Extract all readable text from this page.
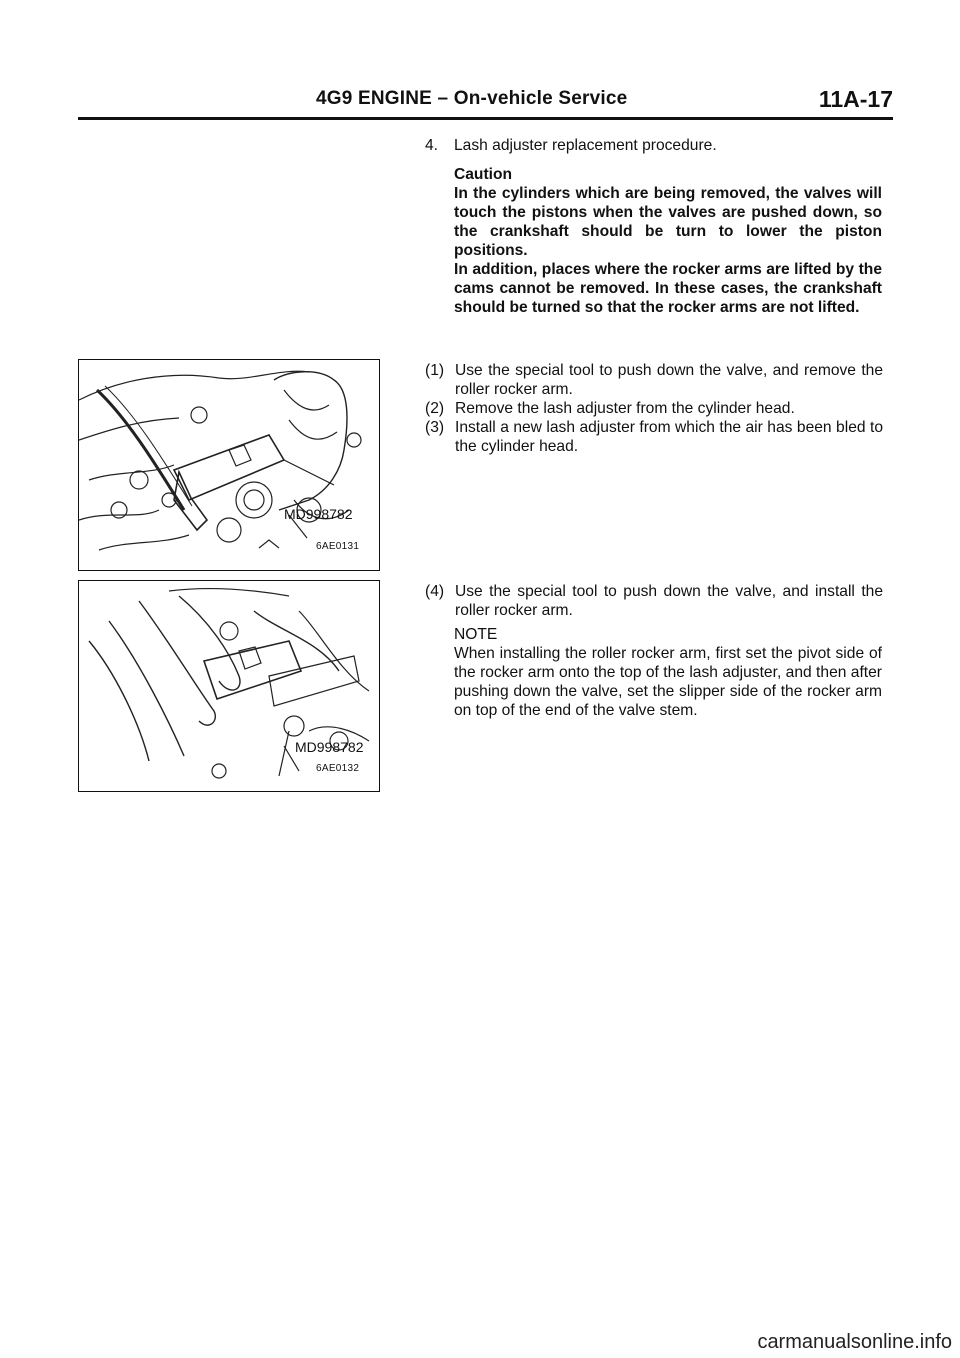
4G9 ENGINE – On-vehicle Service	11A-17
4. Lash adjuster replacement procedure.

Caution

In the cylinders which are being removed, the valves will touch the pistons when the valves are pushed down, so the crankshaft should be turn to lower the piston positions.

In addition, places where the rocker arms are lifted by the cams cannot be removed. In these cases, the crankshaft should be turned so that the rocker arms are not lifted.

MD998782
6AE0131
MD998782
6AE0132

(1) Use the special tool to push down the valve, and remove the roller rocker arm.

(2) Remove the lash adjuster from the cylinder head.

(3) Install a new lash adjuster from which the air has been bled to the cylinder head.

(4) Use the special tool to push down the valve, and install the roller rocker arm.

NOTE

When installing the roller rocker arm, first set the pivot side of the rocker arm onto the top of the lash adjuster, and then after pushing down the valve, set the slipper side of the rocker arm on top of the end of the valve stem.

carmanualsonline.info
